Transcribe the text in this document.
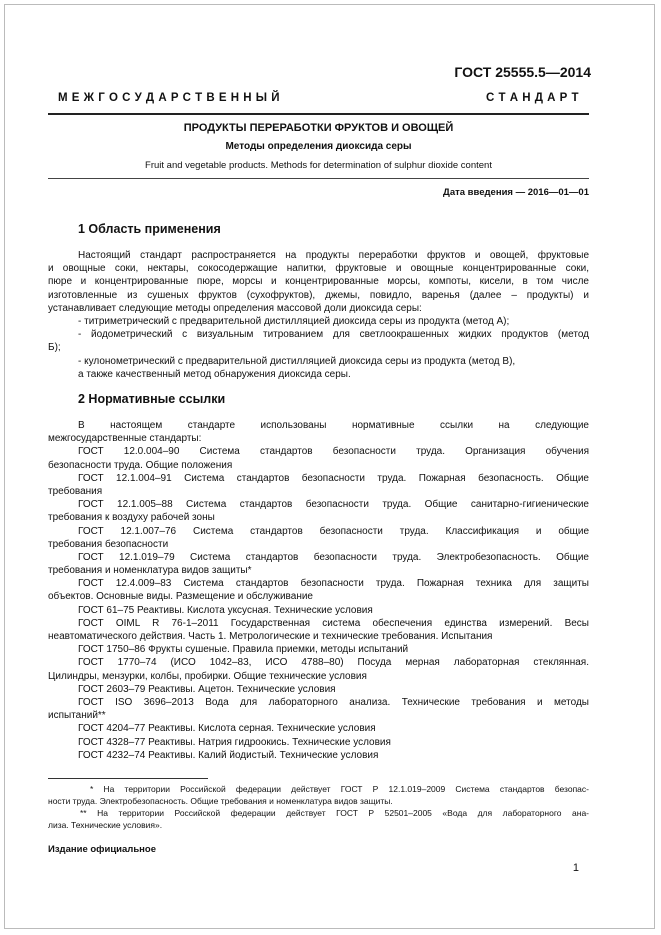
ГОСТ 25555.5—2014
М Е Ж Г О С У Д А Р С Т В Е Н Н Ы Й	С Т А Н Д А Р Т
ПРОДУКТЫ ПЕРЕРАБОТКИ ФРУКТОВ И ОВОЩЕЙ
Методы определения диоксида серы
Fruit and vegetable products. Methods for determination of sulphur dioxide content
Дата введения — 2016—01—01
1 Область применения
Настоящий стандарт распространяется на продукты переработки фруктов и овощей, фруктовые
и овощные соки, нектары, сокосодержащие напитки, фруктовые и овощные концентрированные соки,
пюре и концентрированные пюре, морсы и концентрированные морсы, компоты, кисели, в том числе
изготовленные из сушеных фруктов (сухофруктов), джемы, повидло, варенья (далее – продукты) и
устанавливает следующие методы определения массовой доли диоксида серы:
- титриметрический с предварительной дистилляцией диоксида серы из продукта (метод А);
- йодометрический с визуальным титрованием для светлоокрашенных жидких продуктов (метод
Б);
- кулонометрический с предварительной дистилляцией диоксида серы из продукта (метод В),
а также качественный метод обнаружения диоксида серы.
2 Нормативные ссылки
В настоящем стандарте использованы нормативные ссылки на следующие
межгосударственные стандарты:
ГОСТ 12.0.004–90 Система стандартов безопасности труда. Организация обучения
безопасности труда. Общие положения
ГОСТ 12.1.004–91 Система стандартов безопасности труда. Пожарная безопасность. Общие
требования
ГОСТ 12.1.005–88 Система стандартов безопасности труда. Общие санитарно-гигиенические
требования к воздуху рабочей зоны
ГОСТ 12.1.007–76 Система стандартов безопасности труда. Классификация и общие
требования безопасности
ГОСТ 12.1.019–79 Система стандартов безопасности труда. Электробезопасность. Общие
требования и номенклатура видов защиты*
ГОСТ 12.4.009–83 Система стандартов безопасности труда. Пожарная техника для защиты
объектов. Основные виды. Размещение и обслуживание
ГОСТ 61–75 Реактивы. Кислота уксусная. Технические условия
ГОСТ OIML R 76-1–2011 Государственная система обеспечения единства измерений. Весы
неавтоматического действия. Часть 1. Метрологические и технические требования. Испытания
ГОСТ 1750–86 Фрукты сушеные. Правила приемки, методы испытаний
ГОСТ 1770–74 (ИСО 1042–83, ИСО 4788–80) Посуда мерная лабораторная стеклянная.
Цилиндры, мензурки, колбы, пробирки. Общие технические условия
ГОСТ 2603–79 Реактивы. Ацетон. Технические условия
ГОСТ ISO 3696–2013 Вода для лабораторного анализа. Технические требования и методы
испытаний**
ГОСТ 4204–77 Реактивы. Кислота серная. Технические условия
ГОСТ 4328–77 Реактивы. Натрия гидроокись. Технические условия
ГОСТ 4232–74 Реактивы. Калий йодистый. Технические условия
* На территории Российской федерации действует ГОСТ Р 12.1.019–2009 Система стандартов безопас-
ности труда. Электробезопасность. Общие требования и номенклатура видов защиты.
** На территории Российской федерации действует ГОСТ Р 52501–2005 «Вода для лабораторного ана-
лиза. Технические условия».
Издание официальное
1
